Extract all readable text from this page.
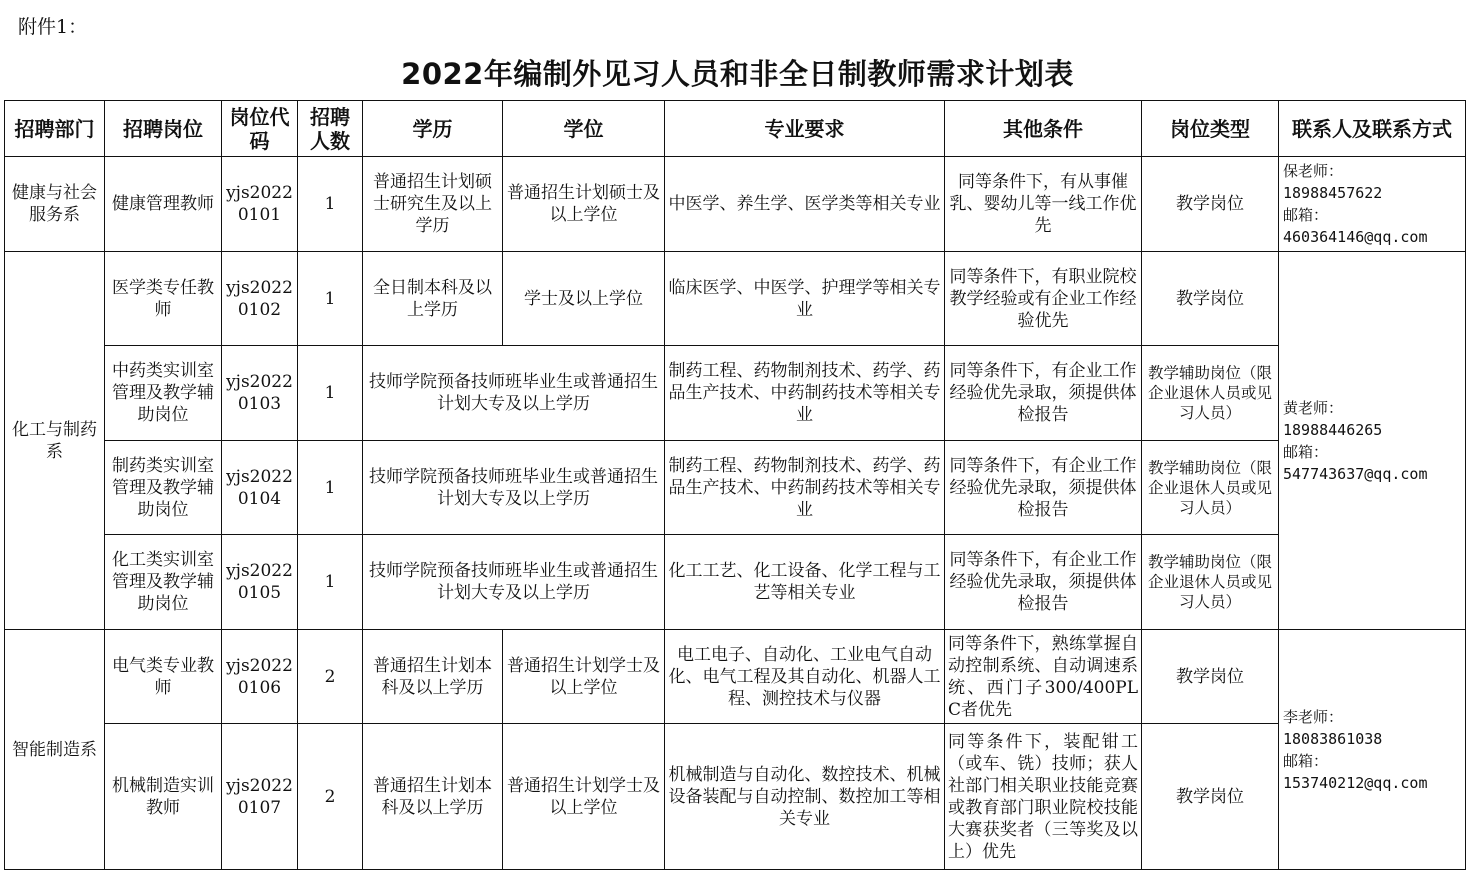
附件1：
2022年编制外见习人员和非全日制教师需求计划表
招聘部门	招聘岗位	岗位代码	招聘人数	学历	学位	专业要求	其他条件	岗位类型	联系人及联系方式
健康与社会服务系	健康管理教师	yjs20220101	1	普通招生计划硕士研究生及以上学历	普通招生计划硕士及以上学位	中医学、养生学、医学类等相关专业	同等条件下，有从事催乳、婴幼儿等一线工作优先	教学岗位	保老师：
18988457622
邮箱：
460364146@qq.com

化工与制药系	医学类专任教师	yjs20220102	1	全日制本科及以上学历	学士及以上学位	临床医学、中医学、护理学等相关专业	同等条件下，有职业院校教学经验或有企业工作经验优先	教学岗位	黄老师：
18988446265
邮箱：
547743637@qq.com

	中药类实训室管理及教学辅助岗位	yjs20220103	1	技师学院预备技师班毕业生或普通招生计划大专及以上学历		制药工程、药物制剂技术、药学、药品生产技术、中药制药技术等相关专业	同等条件下，有企业工作经验优先录取，须提供体检报告	教学辅助岗位（限企业退休人员或见习人员）	
	制药类实训室管理及教学辅助岗位	yjs20220104	1	技师学院预备技师班毕业生或普通招生计划大专及以上学历		制药工程、药物制剂技术、药学、药品生产技术、中药制药技术等相关专业	同等条件下，有企业工作经验优先录取，须提供体检报告	教学辅助岗位（限企业退休人员或见习人员）	
	化工类实训室管理及教学辅助岗位	yjs20220105	1	技师学院预备技师班毕业生或普通招生计划大专及以上学历		化工工艺、化工设备、化学工程与工艺等相关专业	同等条件下，有企业工作经验优先录取，须提供体检报告	教学辅助岗位（限企业退休人员或见习人员）	
智能制造系	电气类专业教师	yjs20220106	2	普通招生计划本科及以上学历	普通招生计划学士及以上学位	电工电子、自动化、工业电气自动化、电气工程及其自动化、机器人工程、测控技术与仪器	同等条件下，熟练掌握自动控制系统、自动调速系统、西门子300/400PLC者优先	教学岗位	李老师：
18083861038
邮箱：
153740212@qq.com

	机械制造实训教师	yjs20220107	2	普通招生计划本科及以上学历	普通招生计划学士及以上学位	机械制造与自动化、数控技术、机械设备装配与自动控制、数控加工等相关专业	同等条件下，装配钳工（或车、铣）技师；获人社部门相关职业技能竞赛或教育部门职业院校技能大赛获奖者（三等奖及以上）优先	教学岗位	
